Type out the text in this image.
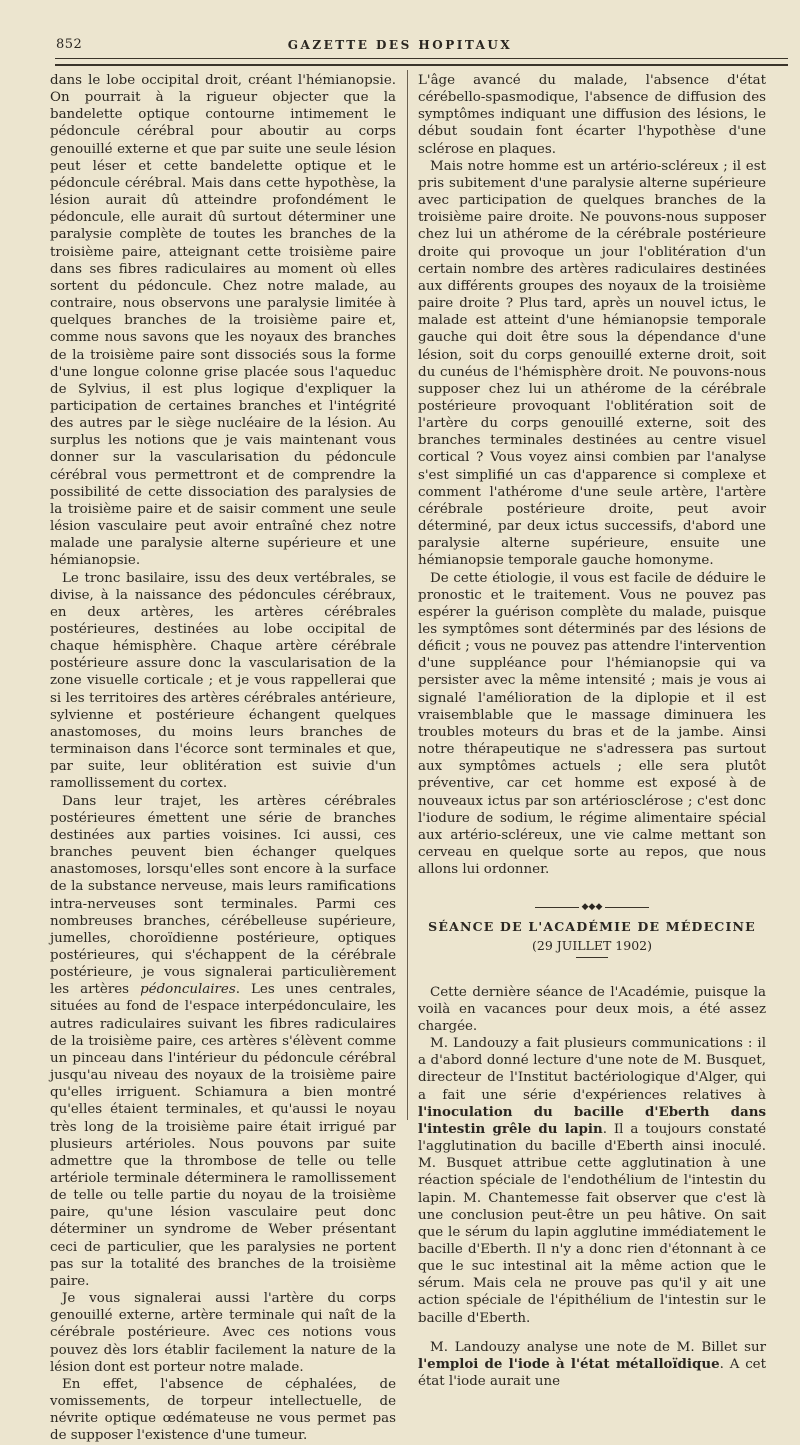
852	GAZETTE DES HOPITAUX

dans le lobe occipital droit, créant l'hémianopsie. On pourrait à la rigueur objecter que la bandelette optique contourne intimement le pédoncule cérébral pour aboutir au corps genouillé externe et que par suite une seule lésion peut léser et cette bandelette optique et le pédoncule cérébral. Mais dans cette hypothèse, la lésion aurait dû atteindre profondément le pédoncule, elle aurait dû surtout déterminer une paralysie complète de toutes les branches de la troisième paire, atteignant cette troisième paire dans ses fibres radiculaires au moment où elles sortent du pédoncule. Chez notre malade, au contraire, nous observons une paralysie limitée à quelques branches de la troisième paire et, comme nous savons que les noyaux des branches de la troisième paire sont dissociés sous la forme d'une longue colonne grise placée sous l'aqueduc de Sylvius, il est plus logique d'expliquer la participation de certaines branches et l'intégrité des autres par le siège nucléaire de la lésion. Au surplus les notions que je vais maintenant vous donner sur la vascularisation du pédoncule cérébral vous permettront et de comprendre la possibilité de cette dissociation des paralysies de la troisième paire et de saisir comment une seule lésion vasculaire peut avoir entraîné chez notre malade une paralysie alterne supérieure et une hémianopsie.

Le tronc basilaire, issu des deux vertébrales, se divise, à la naissance des pédoncules cérébraux, en deux artères, les artères cérébrales postérieures, destinées au lobe occipital de chaque hémisphère. Chaque artère cérébrale postérieure assure donc la vascularisation de la zone visuelle corticale ; et je vous rappellerai que si les territoires des artères cérébrales antérieure, sylvienne et postérieure échangent quelques anastomoses, du moins leurs branches de terminaison dans l'écorce sont terminales et que, par suite, leur oblitération est suivie d'un ramollissement du cortex.

Dans leur trajet, les artères cérébrales postérieures émettent une série de branches destinées aux parties voisines. Ici aussi, ces branches peuvent bien échanger quelques anastomoses, lorsqu'elles sont encore à la surface de la substance nerveuse, mais leurs ramifications intra-nerveuses sont terminales. Parmi ces nombreuses branches, cérébelleuse supérieure, jumelles, choroïdienne postérieure, optiques postérieures, qui s'échappent de la cérébrale postérieure, je vous signalerai particulièrement les artères pédonculaires. Les unes centrales, situées au fond de l'espace interpédonculaire, les autres radiculaires suivant les fibres radiculaires de la troisième paire, ces artères s'élèvent comme un pinceau dans l'intérieur du pédoncule cérébral jusqu'au niveau des noyaux de la troisième paire qu'elles irriguent. Schiamura a bien montré qu'elles étaient terminales, et qu'aussi le noyau très long de la troisième paire était irrigué par plusieurs artérioles. Nous pouvons par suite admettre que la thrombose de telle ou telle artériole terminale déterminera le ramollissement de telle ou telle partie du noyau de la troisième paire, qu'une lésion vasculaire peut donc déterminer un syndrome de Weber présentant ceci de particulier, que les paralysies ne portent pas sur la totalité des branches de la troisième paire.

Je vous signalerai aussi l'artère du corps genouillé externe, artère terminale qui naît de la cérébrale postérieure. Avec ces notions vous pouvez dès lors établir facilement la nature de la lésion dont est porteur notre malade.

En effet, l'absence de céphalées, de vomissements, de torpeur intellectuelle, de névrite optique œdémateuse ne vous permet pas de supposer l'existence d'une tumeur.

L'âge avancé du malade, l'absence d'état cérébello-spasmodique, l'absence de diffusion des symptômes indiquant une diffusion des lésions, le début soudain font écarter l'hypothèse d'une sclérose en plaques.

Mais notre homme est un artério-scléreux ; il est pris subitement d'une paralysie alterne supérieure avec participation de quelques branches de la troisième paire droite. Ne pouvons-nous supposer chez lui un athérome de la cérébrale postérieure droite qui provoque un jour l'oblitération d'un certain nombre des artères radiculaires destinées aux différents groupes des noyaux de la troisième paire droite ? Plus tard, après un nouvel ictus, le malade est atteint d'une hémianopsie temporale gauche qui doit être sous la dépendance d'une lésion, soit du corps genouillé externe droit, soit du cunéus de l'hémisphère droit. Ne pouvons-nous supposer chez lui un athérome de la cérébrale postérieure provoquant l'oblitération soit de l'artère du corps genouillé externe, soit des branches terminales destinées au centre visuel cortical ? Vous voyez ainsi combien par l'analyse s'est simplifié un cas d'apparence si complexe et comment l'athérome d'une seule artère, l'artère cérébrale postérieure droite, peut avoir déterminé, par deux ictus successifs, d'abord une paralysie alterne supérieure, ensuite une hémianopsie temporale gauche homonyme.

De cette étiologie, il vous est facile de déduire le pronostic et le traitement. Vous ne pouvez pas espérer la guérison complète du malade, puisque les symptômes sont déterminés par des lésions de déficit ; vous ne pouvez pas attendre l'intervention d'une suppléance pour l'hémianopsie qui va persister avec la même intensité ; mais je vous ai signalé l'amélioration de la diplopie et il est vraisemblable que le massage diminuera les troubles moteurs du bras et de la jambe. Ainsi notre thérapeutique ne s'adressera pas surtout aux symptômes actuels ; elle sera plutôt préventive, car cet homme est exposé à de nouveaux ictus par son artériosclérose ; c'est donc l'iodure de sodium, le régime alimentaire spécial aux artério-scléreux, une vie calme mettant son cerveau en quelque sorte au repos, que nous allons lui ordonner.

◆◆◆
SÉANCE DE L'ACADÉMIE DE MÉDECINE
(29 JUILLET 1902)

Cette dernière séance de l'Académie, puisque la voilà en vacances pour deux mois, a été assez chargée.

M. Landouzy a fait plusieurs communications : il a d'abord donné lecture d'une note de M. Busquet, directeur de l'Institut bactériologique d'Alger, qui a fait une série d'expériences relatives à l'inoculation du bacille d'Eberth dans l'intestin grêle du lapin. Il a toujours constaté l'agglutination du bacille d'Eberth ainsi inoculé. M. Busquet attribue cette agglutination à une réaction spéciale de l'endothélium de l'intestin du lapin. M. Chantemesse fait observer que c'est là une conclusion peut-être un peu hâtive. On sait que le sérum du lapin agglutine immédiatement le bacille d'Eberth. Il n'y a donc rien d'étonnant à ce que le suc intestinal ait la même action que le sérum. Mais cela ne prouve pas qu'il y ait une action spéciale de l'épithélium de l'intestin sur le bacille d'Eberth.

M. Landouzy analyse une note de M. Billet sur l'emploi de l'iode à l'état métalloïdique. A cet état l'iode aurait une
